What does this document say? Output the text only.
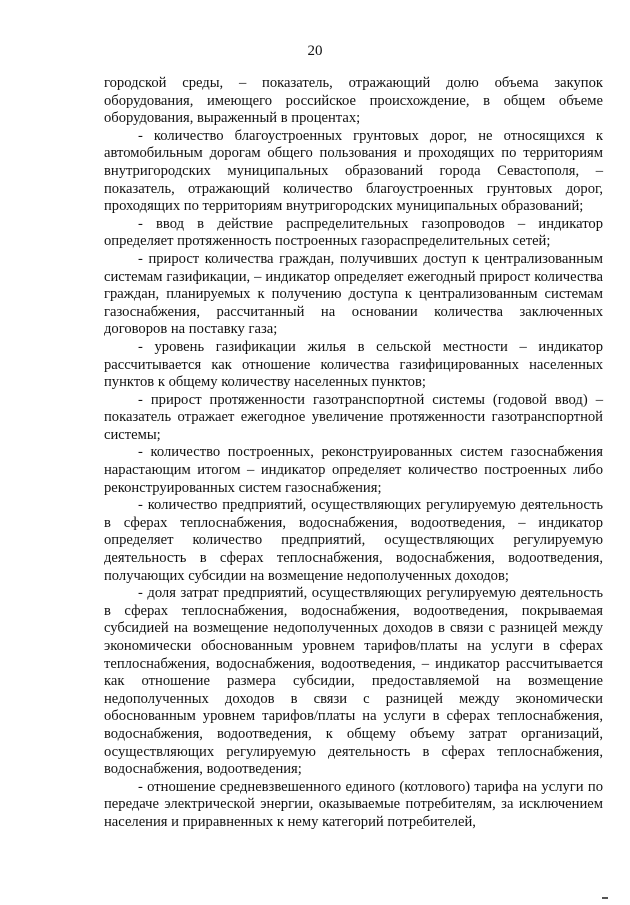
20

городской среды, – показатель, отражающий долю объема закупок оборудования, имеющего российское происхождение, в общем объеме оборудования, выраженный в процентах;

- количество благоустроенных грунтовых дорог, не относящихся к автомобильным дорогам общего пользования и проходящих по территориям внутригородских муниципальных образований города Севастополя, – показатель, отражающий количество благоустроенных грунтовых дорог, проходящих по территориям внутригородских муниципальных образований;

- ввод в действие распределительных газопроводов – индикатор определяет протяженность построенных газораспределительных сетей;

- прирост количества граждан, получивших доступ к централизованным системам газификации, – индикатор определяет ежегодный прирост количества граждан, планируемых к получению доступа к централизованным системам газоснабжения, рассчитанный на основании количества заключенных договоров на поставку газа;

- уровень газификации жилья в сельской местности – индикатор рассчитывается как отношение количества газифицированных населенных пунктов к общему количеству населенных пунктов;

- прирост протяженности газотранспортной системы (годовой ввод) – показатель отражает ежегодное увеличение протяженности газотранспортной системы;

- количество построенных, реконструированных систем газоснабжения нарастающим итогом – индикатор определяет количество построенных либо реконструированных систем газоснабжения;

- количество предприятий, осуществляющих регулируемую деятельность в сферах теплоснабжения, водоснабжения, водоотведения, – индикатор определяет количество предприятий, осуществляющих регулируемую деятельность в сферах теплоснабжения, водоснабжения, водоотведения, получающих субсидии на возмещение недополученных доходов;

- доля затрат предприятий, осуществляющих регулируемую деятельность в сферах теплоснабжения, водоснабжения, водоотведения, покрываемая субсидией на возмещение недополученных доходов в связи с разницей между экономически обоснованным уровнем тарифов/платы на услуги в сферах теплоснабжения, водоснабжения, водоотведения, – индикатор рассчитывается как отношение размера субсидии, предоставляемой на возмещение недополученных доходов в связи с разницей между экономически обоснованным уровнем тарифов/платы на услуги в сферах теплоснабжения, водоснабжения, водоотведения, к общему объему затрат организаций, осуществляющих регулируемую деятельность в сферах теплоснабжения, водоснабжения, водоотведения;

- отношение средневзвешенного единого (котлового) тарифа на услуги по передаче электрической энергии, оказываемые потребителям, за исключением населения и приравненных к нему категорий потребителей,
